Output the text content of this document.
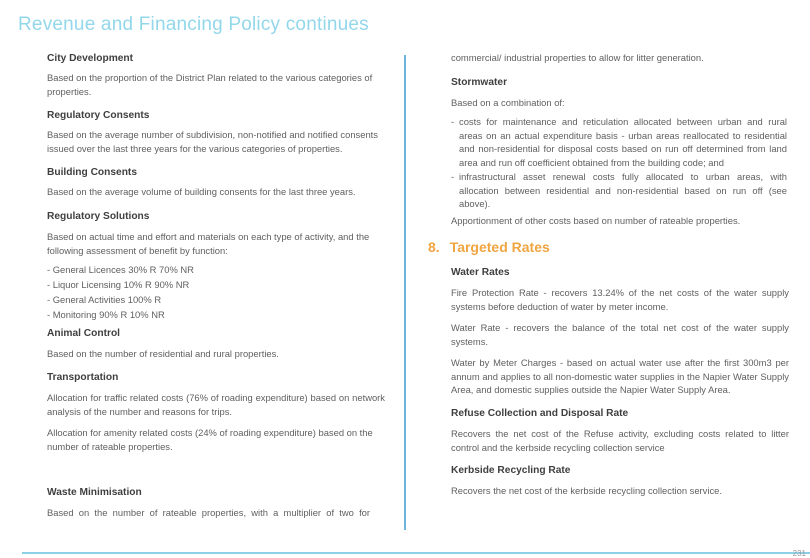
Revenue and Financing Policy continues
City Development
Based on the proportion of the District Plan related to the various categories of properties.
Regulatory Consents
Based on the average number of subdivision, non-notified and notified consents issued over the last three years for the various categories of properties.
Building Consents
Based on the average volume of building consents for the last three years.
Regulatory Solutions
Based on actual time and effort and materials on each type of activity, and the following assessment of benefit by function:
- General Licences 30% R 70% NR
- Liquor Licensing 10% R 90% NR
- General Activities 100% R
- Monitoring 90% R 10% NR
Animal Control
Based on the number of residential and rural properties.
Transportation
Allocation for traffic related costs (76% of roading expenditure) based on network analysis of the number and reasons for trips.
Allocation for amenity related costs (24% of roading expenditure) based on the number of rateable properties.
Waste Minimisation
Based on the number of rateable properties, with a multiplier of two for
commercial/ industrial properties to allow for litter generation.
Stormwater
Based on a combination of:
- costs for maintenance and reticulation allocated between urban and rural areas on an actual expenditure basis - urban areas reallocated to residential and non-residential for disposal costs based on run off determined from land area and run off coefficient obtained from the building code; and
- infrastructural asset renewal costs fully allocated to urban areas, with allocation between residential and non-residential based on run off (see above).
Apportionment of other costs based on number of rateable properties.
8. Targeted Rates
Water Rates
Fire Protection Rate - recovers 13.24% of the net costs of the water supply systems before deduction of water by meter income.
Water Rate - recovers the balance of the total net cost of the water supply systems.
Water by Meter Charges - based on actual water use after the first 300m3 per annum and applies to all non-domestic water supplies in the Napier Water Supply Area, and domestic supplies outside the Napier Water Supply Area.
Refuse Collection and Disposal Rate
Recovers the net cost of the Refuse activity, excluding costs related to litter control and the kerbside recycling collection service
Kerbside Recycling Rate
Recovers the net cost of the kerbside recycling collection service.
231
